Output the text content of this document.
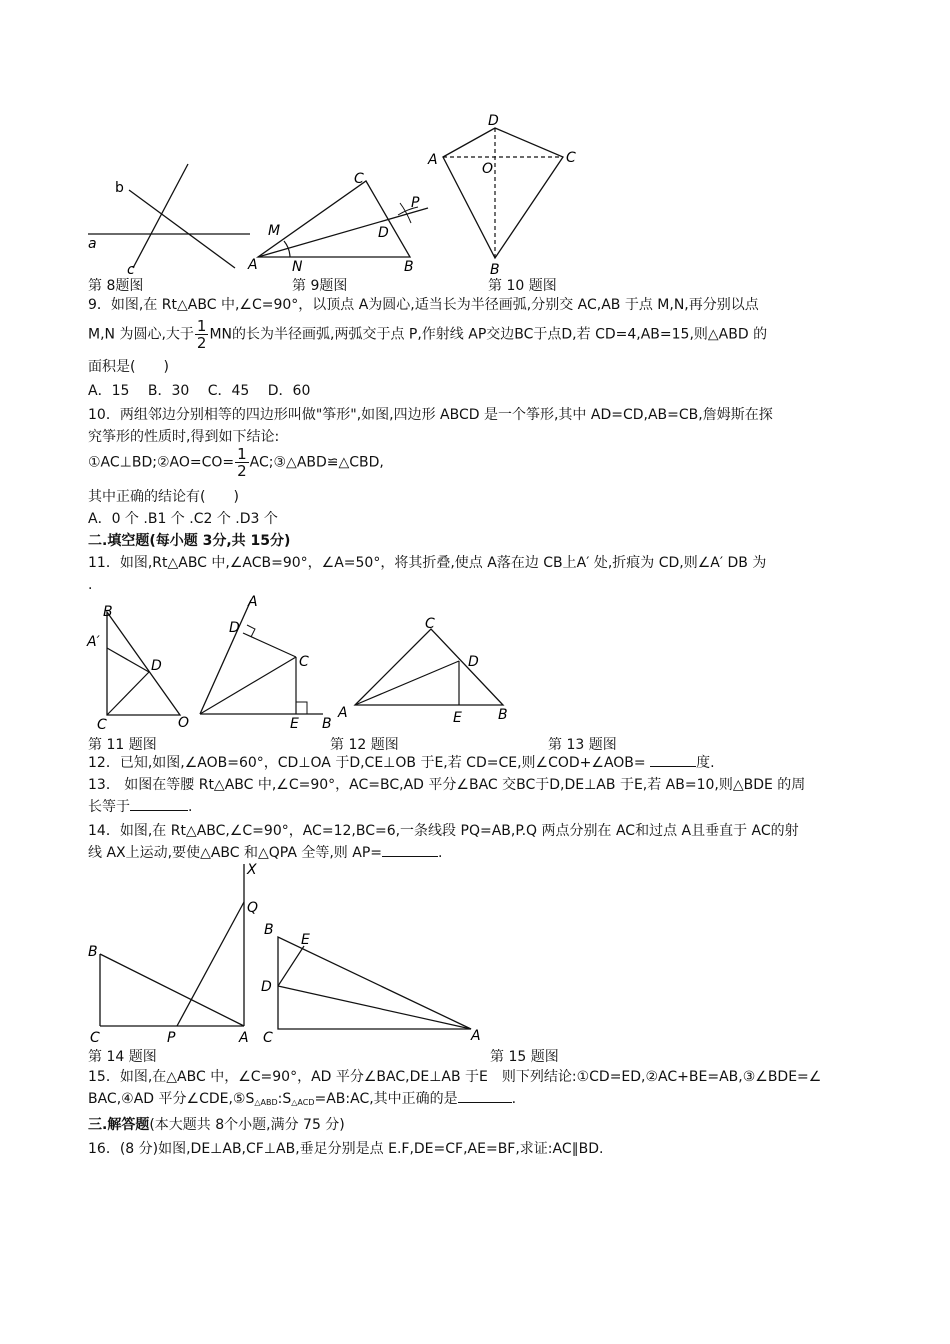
a
b
c
第 8题图
A N	B
C
D
M
P
第 9题图
D
A	C
O
B
第 10 题图
9．如图,在 Rt△ABC 中,∠C=90°，以顶点 A为圆心,适当长为半径画弧,分别交 AC,AB 于点 M,N,再分别以点
M,N 为圆心,大于 $\frac{1}{2}$ MN的长为半径画弧,两弧交于点 P,作射线 AP交边BC于点D,若 CD=4,AB=15,则△ABD 的
面积是(　　)
A．15　 B．30　 C．45　 D．60
10．两组邻边分别相等的四边形叫做"筝形",如图,四边形 ABCD 是一个筝形,其中 AD=CD,AB=CB,詹姆斯在探
究筝形的性质时,得到如下结论:
①AC⊥BD;②AO=CO= $\frac{1}{2}$ AC;③△ABD≌△CBD,
其中正确的结论有(　　)
A．0 个 .B1 个 .C2 个 .D3 个
二.填空题(每小题 3分,共 15分)
11．如图,Rt△ABC 中,∠ACB=90°，∠A=50°，将其折叠,使点 A落在边 CB上A′ 处,折痕为 CD,则∠A′ DB 为
.
B
A′
D
C	O
第 11 题图
A
D
C
E B
第 12 题图
C
D
A	E	B
第 13 题图
12．已知,如图,∠AOB=60°，CD⊥OA 于D,CE⊥OB 于E,若 CD=CE,则∠COD+∠AOB=	度.
13． 如图在等腰 Rt△ABC 中,∠C=90°，AC=BC,AD 平分∠BAC 交BC于D,DE⊥AB 于E,若 AB=10,则△BDE 的周
长等于	.
14．如图,在 Rt△ABC,∠C=90°，AC=12,BC=6,一条线段 PQ=AB,P.Q 两点分别在 AC和过点 A且垂直于 AC的射
线 AX上运动,要使△ABC 和△QPA 全等,则 AP=	.
X
Q
B
C	P	A
第 14 题图
B
E
D
C	A
第 15 题图
15．如图,在△ABC 中，∠C=90°，AD 平分∠BAC,DE⊥AB 于E　则下列结论:①CD=ED,②AC+BE=AB,③∠BDE=∠
BAC,④AD 平分$\angle CDE,⑤S_{\triangle ABD}:S_{\triangle ACD}=AB:AC$,其中正确的是	.
三.解答题(本大题共 8个小题,满分 75 分)
16．(8 分)如图,DE⊥AB,CF⊥AB,垂足分别是点 E.F,DE=CF,AE=BF,求证:AC∥BD.
